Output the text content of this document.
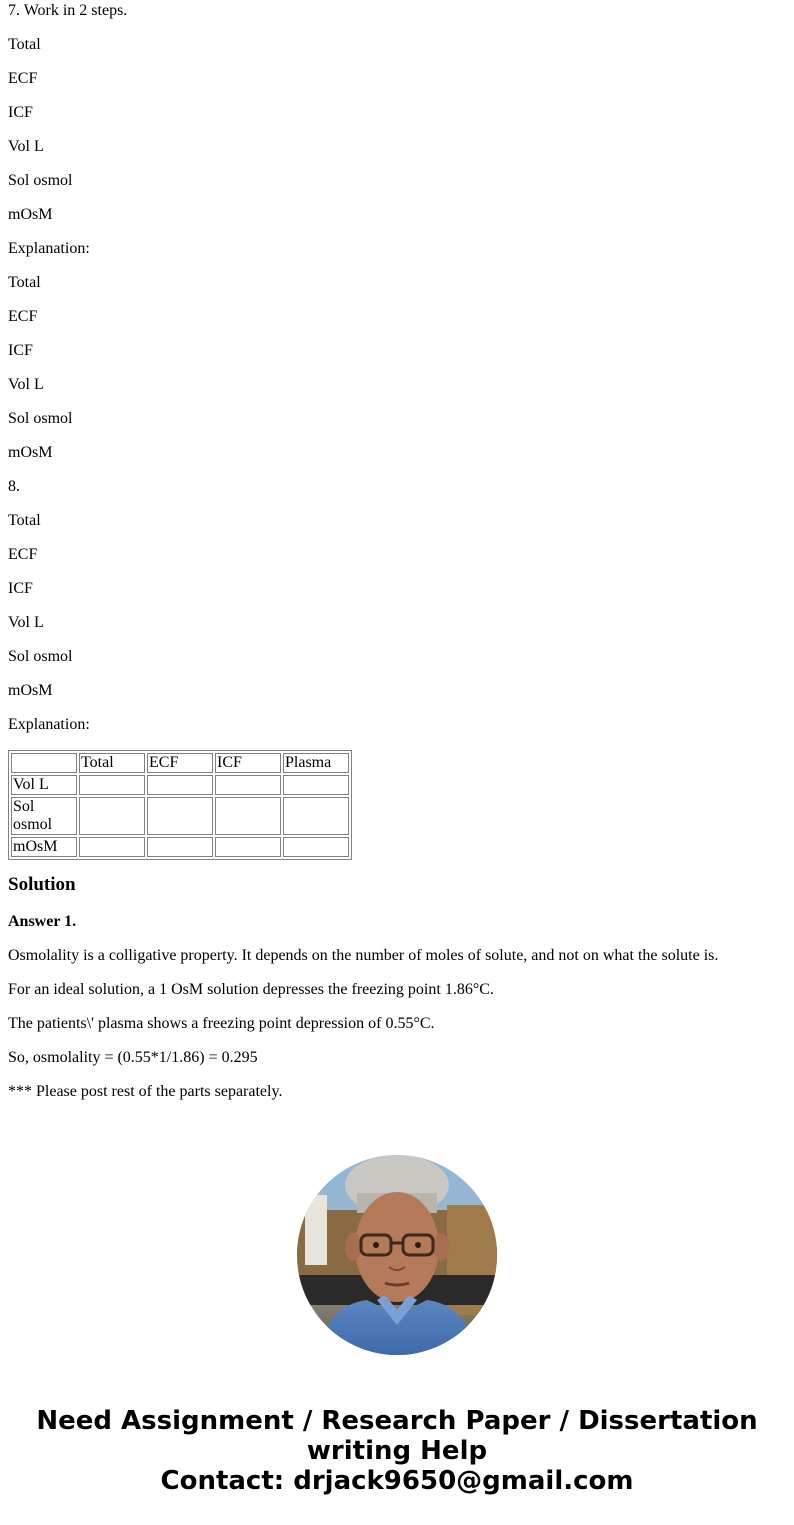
7. Work in 2 steps.

Total

ECF

ICF

Vol L

Sol osmol

mOsM

Explanation:

Total

ECF

ICF

Vol L

Sol osmol

mOsM

8.

Total

ECF

ICF

Vol L

Sol osmol

mOsM

Explanation:

	Total	ECF	ICF	Plasma
Vol L				
Sol osmol				
mOsM				
Solution

Answer 1.

Osmolality is a colligative property. It depends on the number of moles of solute, and not on what the solute is.

For an ideal solution, a 1 OsM solution depresses the freezing point 1.86°C.

The patients\' plasma shows a freezing point depression of 0.55°C.

So, osmolality = (0.55*1/1.86) = 0.295

*** Please post rest of the parts separately.

Need Assignment / Research Paper / Dissertation
writing Help
Contact: drjack9650@gmail.com
